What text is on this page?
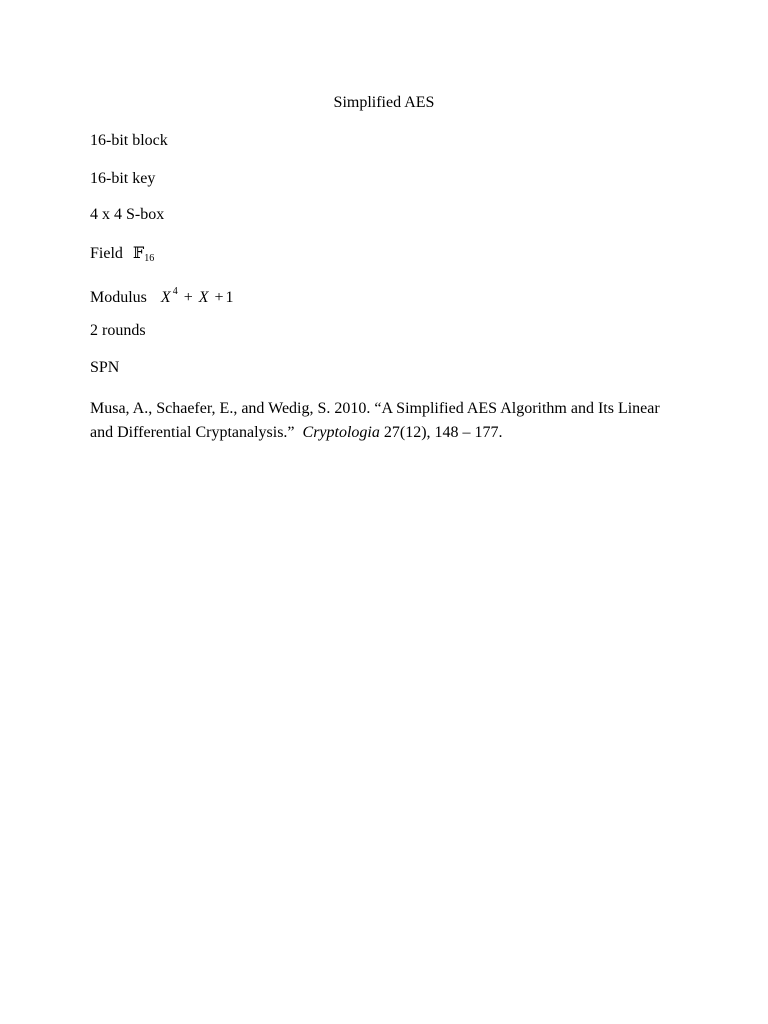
Simplified AES
16-bit block
16-bit key
4 x 4 S-box
Field 𝔽16
Modulus X $^4$ + X + 1
2 rounds
SPN
Musa, A., Schaefer, E., and Wedig, S. 2010. “A Simplified AES Algorithm and Its Linear and Differential Cryptanalysis.” Cryptologia 27(12), 148 – 177.
